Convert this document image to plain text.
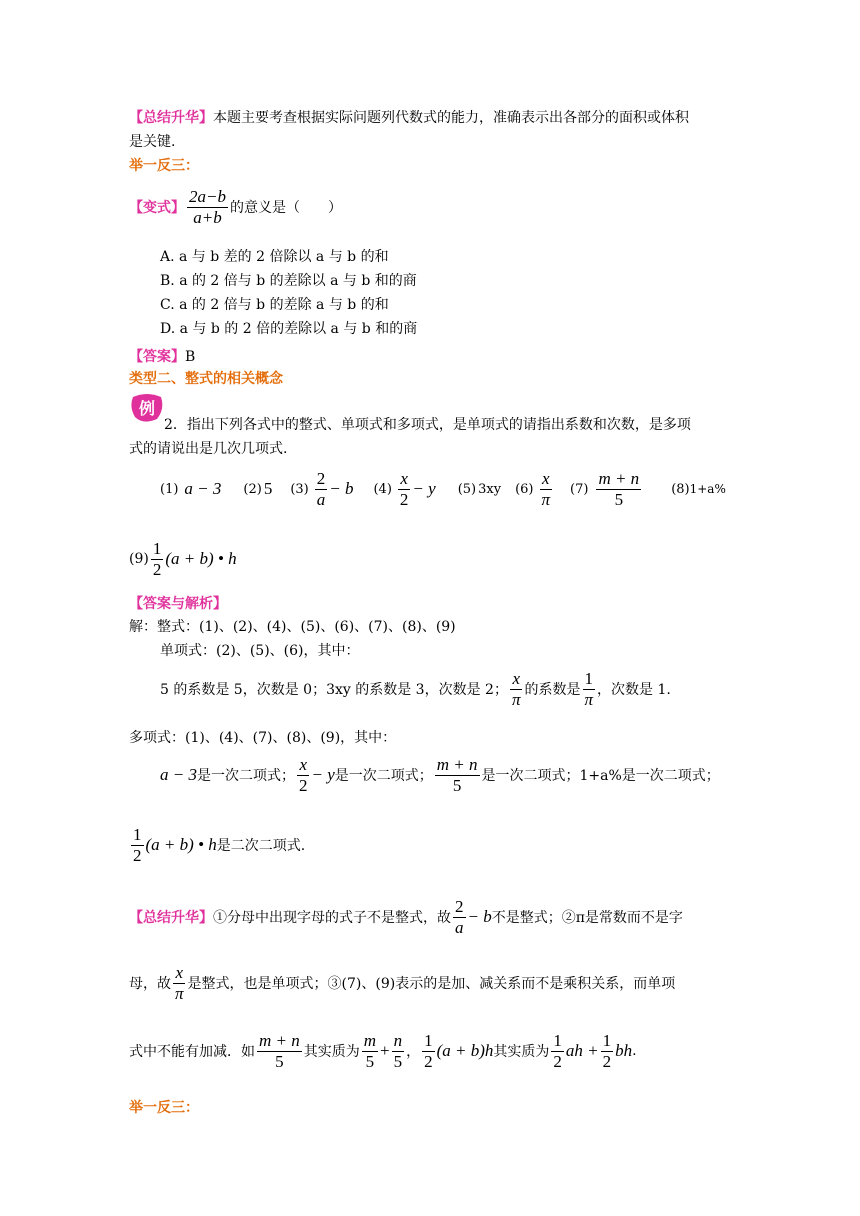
【总结升华】本题主要考查根据实际问题列代数式的能力，准确表示出各部分的面积或体积
是关键.
举一反三：
【变式】 $\frac{2a-b}{a+b}$ 的意义是（　　）
A. a 与 b 差的 2 倍除以 a 与 b 的和
B. a 的 2 倍与 b 的差除以 a 与 b 和的商
C. a 的 2 倍与 b 的差除 a 与 b 的和
D. a 与 b 的 2 倍的差除以 a 与 b 和的商
【答案】B
类型二、整式的相关概念
例
2．指出下列各式中的整式、单项式和多项式，是单项式的请指出系数和次数，是多项
式的请说出是几次几项式.
(1) a − 3 (2) 5 $(3) \frac{2}{a} - b$ $(4) \frac{x}{2} - y$ (5) 3xy $(6) \frac{x}{\pi} (7) \frac{m + n}{5} (8)$ 1+a%
$(9) \frac{1}{2} (a + b)$ • h
【答案与解析】
解：整式：(1)、(2)、(4)、(5)、(6)、(7)、(8)、(9)
单项式：(2)、(5)、(6)，其中：
5 的系数是 5，次数是 0；3xy 的系数是 3，次数是 2； $\frac{x}{\pi}$ 的系数是 $\frac{1}{\pi}$ ，次数是 1.
多项式：(1)、(4)、(7)、(8)、(9)，其中：
a − 3 是一次二项式； $\frac{x}{2} - y$ 是一次二项式； $\frac{m + n}{5}$ 是一次二项式；1+a%是一次二项式；
$\frac{1}{2} (a + b)$ • h 是二次二项式.
【总结升华】 ①分母中出现字母的式子不是整式，故 $\frac{2}{a} - b$ 不是整式；②π是常数而不是字
母，故 $\frac{x}{\pi}$ 是整式，也是单项式；③(7)、(9)表示的是加、减关系而不是乘积关系，而单项
式中不能有加减．如 $\frac{m + n}{5}$ 其实质为 $\frac{m}{5} + \frac{n}{5}$ ， $\frac{1}{2} (a + b)h$ 其实质为 $\frac{1}{2}$ ah + $\frac{1}{2}$ bh .
举一反三：
